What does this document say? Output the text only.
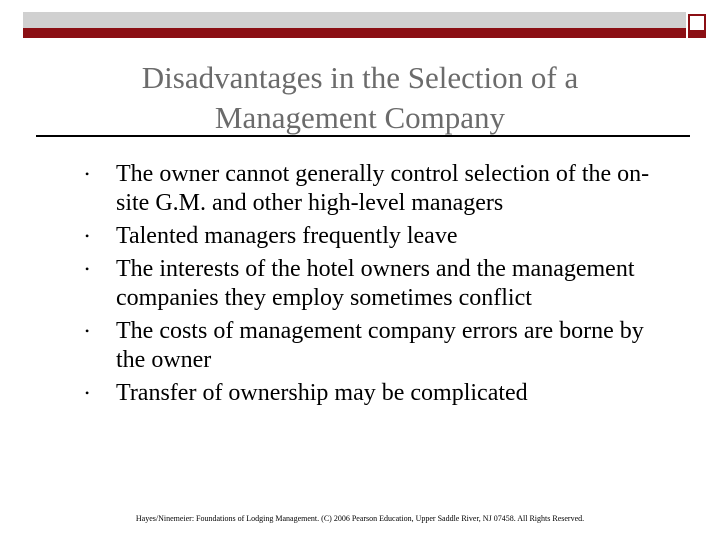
Disadvantages in the Selection of a
Management Company
• The owner cannot generally control selection of the on-site G.M. and other high-level managers
• Talented managers frequently leave
• The interests of the hotel owners and the management companies they employ sometimes conflict
• The costs of management company errors are borne by the owner
• Transfer of ownership may be complicated
Hayes/Ninemeier: Foundations of Lodging Management. (C) 2006 Pearson Education, Upper Saddle River, NJ 07458. All Rights Reserved.
